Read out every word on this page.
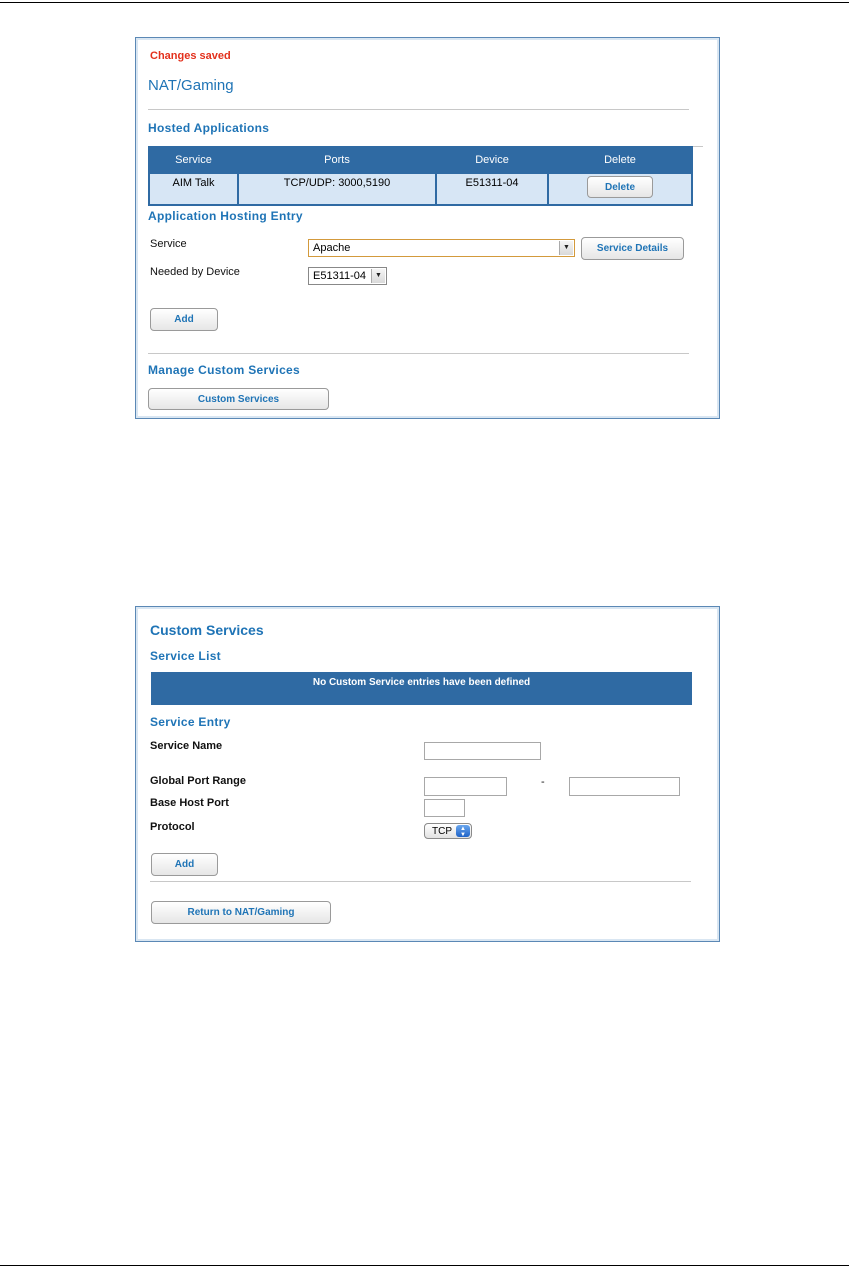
Changes saved
NAT/Gaming
Hosted Applications
Service	Ports	Device	Delete
AIM Talk	TCP/UDP: 3000,5190	E51311-04	Delete
Application Hosting Entry
Service	Apache	▼	Service Details
Needed by Device	E51311-04	▼
Add
Manage Custom Services
Custom Services
Custom Services
Service List
No Custom Service entries have been defined
Service Entry
Service Name
Global Port Range	-
Base Host Port
Protocol	TCP	▲
▼
Add
Return to NAT/Gaming
